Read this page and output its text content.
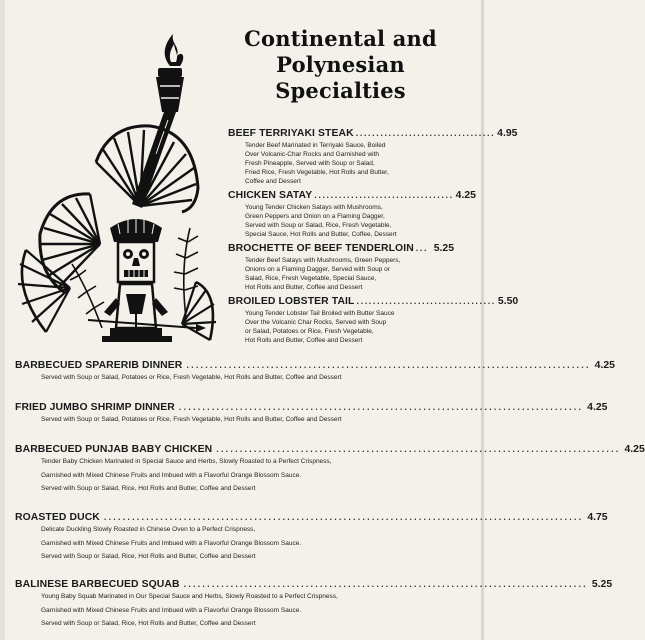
Continental and
Polynesian
Specialties
BEEF TERRIYAKI STEAK .................................. 4.95
Tender Beef Marinated in Terriyaki Sauce, Boiled
Over Volcanic-Char Rocks and Garnished with
Fresh Pineapple, Served with Soup or Salad,
Fried Rice, Fresh Vegetable, Hot Rolls and Butter,
Coffee and Dessert
CHICKEN SATAY .................................. 4.25
Young Tender Chicken Satays with Mushrooms,
Green Peppers and Onion on a Flaming Dagger,
Served with Soup or Salad, Rice, Fresh Vegetable,
Special Sauce, Hot Rolls and Butter, Coffee, Dessert
BROCHETTE OF BEEF TENDERLOIN ... 5.25
Tender Beef Satays with Mushrooms, Green Peppers,
Onions on a Flaming Dagger, Served with Soup or
Salad, Rice, Fresh Vegetable, Special Sauce,
Hot Rolls and Butter, Coffee and Dessert
BROILED LOBSTER TAIL .................................. 5.50
Young Tender Lobster Tail Broiled with Butter Sauce
Over the Volcanic Char Rocks, Served with Soup
or Salad, Potatoes or Rice, Fresh Vegetable,
Hot Rolls and Butter, Coffee and Dessert
BARBECUED SPARERIB DINNER ...................................................................................... 4.25
Served with Soup or Salad, Potatoes or Rice, Fresh Vegetable, Hot Rolls and Butter, Coffee and Dessert
FRIED JUMBO SHRIMP DINNER ...................................................................................... 4.25
Served with Soup or Salad, Potatoes or Rice, Fresh Vegetable, Hot Rolls and Butter, Coffee and Dessert
BARBECUED PUNJAB BABY CHICKEN ...................................................................................... 4.25
Tender Baby Chicken Marinated in Special Sauce and Herbs, Slowly Roasted to a Perfect Crispness,
Garnished with Mixed Chinese Fruits and Imbued with a Flavorful Orange Blossom Sauce.
Served with Soup or Salad, Rice, Hot Rolls and Butter, Coffee and Dessert
ROASTED DUCK ...................................................................................................... 4.75
Delicate Duckling Slowly Roasted in Chinese Oven to a Perfect Crispness,
Garnished with Mixed Chinese Fruits and Imbued with a Flavorful Orange Blossom Sauce.
Served with Soup or Salad, Rice, Hot Rolls and Butter, Coffee and Dessert
BALINESE BARBECUED SQUAB ...................................................................................... 5.25
Young Baby Squab Marinated in Our Special Sauce and Herbs, Slowly Roasted to a Perfect Crispness,
Garnished with Mixed Chinese Fruits and Imbued with a Flavorful Orange Blossom Sauce.
Served with Soup or Salad, Rice, Hot Rolls and Butter, Coffee and Dessert
